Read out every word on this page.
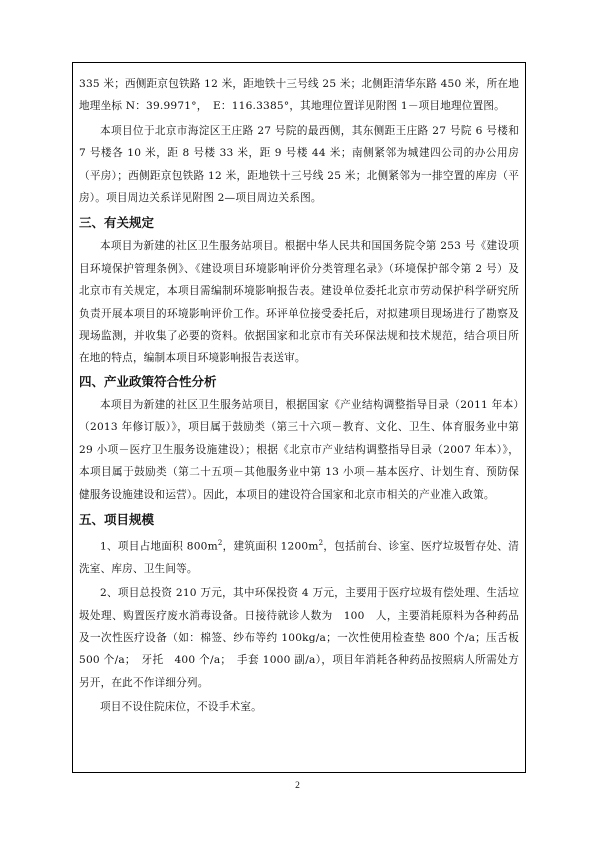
335 米；西侧距京包铁路 12 米，距地铁十三号线 25 米；北侧距清华东路 450 米，所在地地理坐标 N：39.9971°，　E：116.3385°，其地理位置详见附图 1－项目地理位置图。

本项目位于北京市海淀区王庄路 27 号院的最西侧，其东侧距王庄路 27 号院 6 号楼和 7 号楼各 10 米，距 8 号楼 33 米，距 9 号楼 44 米；南侧紧邻为城建四公司的办公用房（平房）；西侧距京包铁路 12 米，距地铁十三号线 25 米；北侧紧邻为一排空置的库房（平房）。项目周边关系详见附图 2—项目周边关系图。

三、有关规定

本项目为新建的社区卫生服务站项目。根据中华人民共和国国务院令第 253 号《建设项目环境保护管理条例》、《建设项目环境影响评价分类管理名录》（环境保护部令第 2 号）及北京市有关规定，本项目需编制环境影响报告表。建设单位委托北京市劳动保护科学研究所负责开展本项目的环境影响评价工作。环评单位接受委托后，对拟建项目现场进行了勘察及现场监测，并收集了必要的资料。依据国家和北京市有关环保法规和技术规范，结合项目所在地的特点，编制本项目环境影响报告表送审。

四、产业政策符合性分析

本项目为新建的社区卫生服务站项目，根据国家《产业结构调整指导目录（2011 年本）（2013 年修订版）》，项目属于鼓励类（第三十六项－教育、文化、卫生、体育服务业中第 29 小项－医疗卫生服务设施建设）；根据《北京市产业结构调整指导目录（2007 年本）》，本项目属于鼓励类（第二十五项－其他服务业中第 13 小项－基本医疗、计划生育、预防保健服务设施建设和运营）。因此，本项目的建设符合国家和北京市相关的产业准入政策。

五、项目规模

1、项目占地面积 $800m^2$，建筑面积 $1200m^2$，包括前台、诊室、医疗垃圾暂存处、清洗室、库房、卫生间等。

2、项目总投资 210 万元，其中环保投资 4 万元，主要用于医疗垃圾有偿处理、生活垃圾处理、购置医疗废水消毒设备。日接待就诊人数为　100　人，主要消耗原料为各种药品及一次性医疗设备（如：棉签、纱布等约 100kg/a；一次性使用检查垫 800 个/a；压舌板 500 个/a；　牙托　400 个/a；　手套 1000 副/a），项目年消耗各种药品按照病人所需处方另开，在此不作详细分列。

项目不设住院床位，不设手术室。

2
